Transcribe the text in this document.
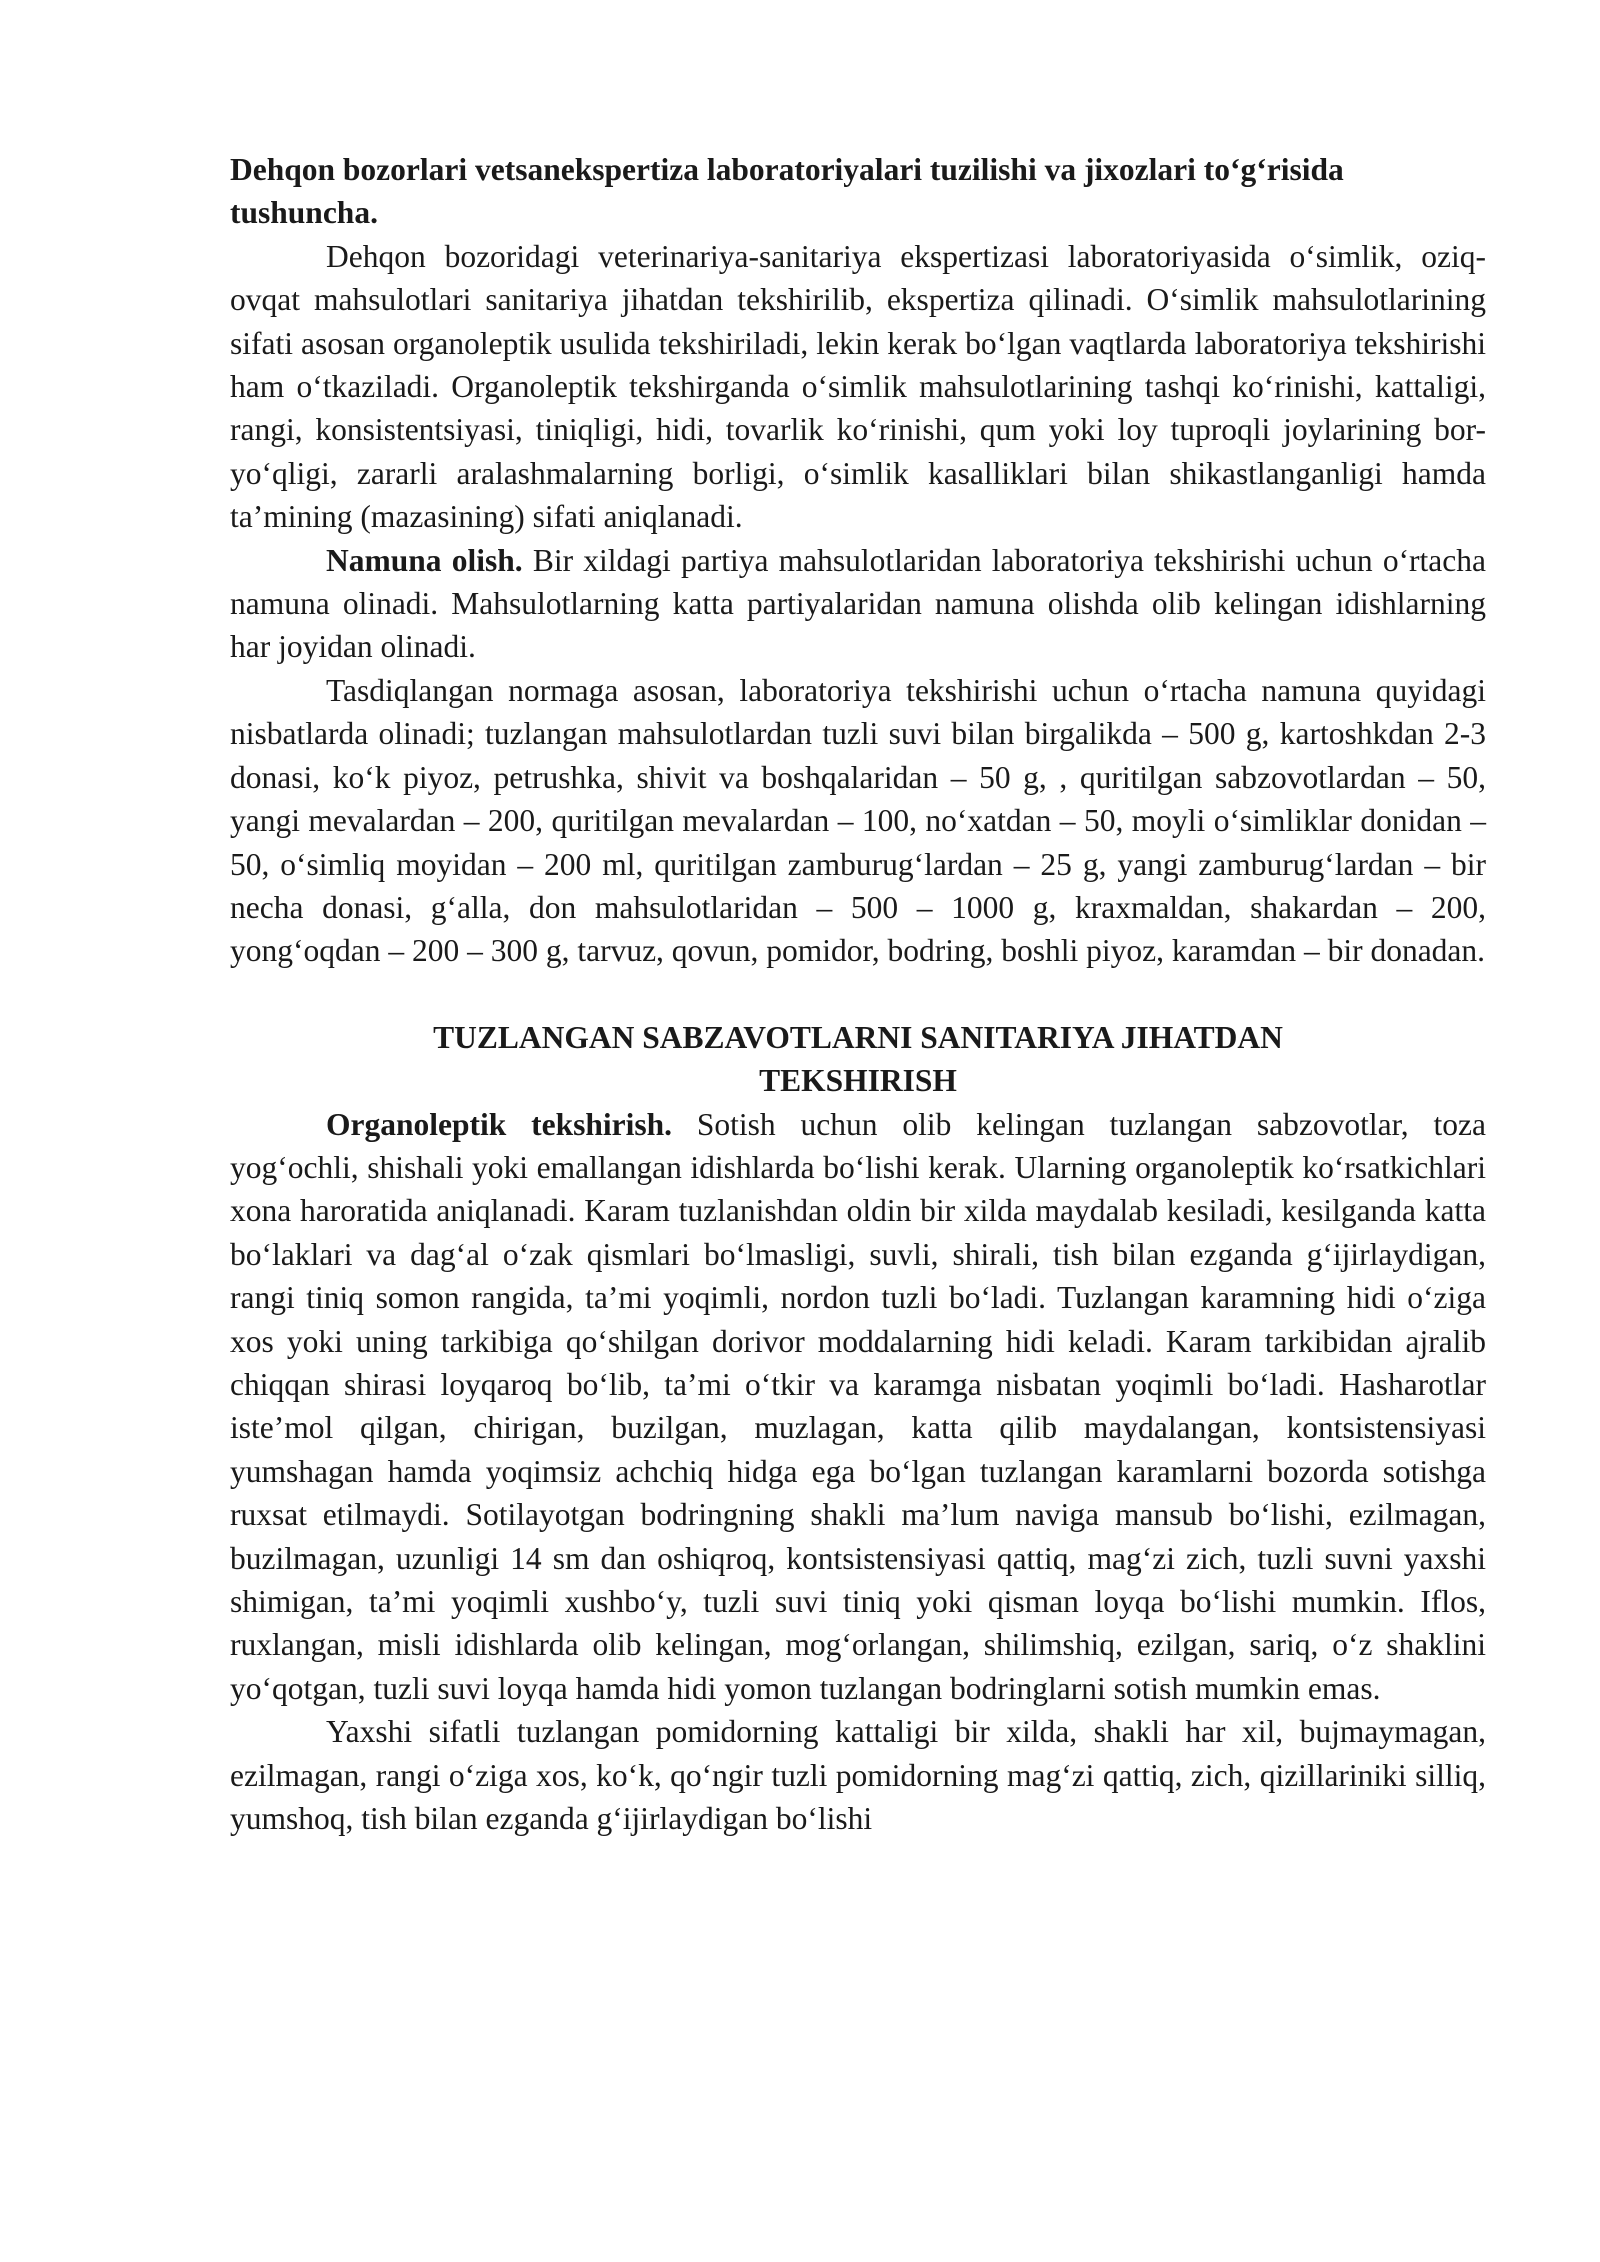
Dehqon bozorlari vetsanekspertiza laboratoriyalari tuzilishi va jixozlari to‘g‘risida tushuncha.

Dehqon bozoridagi veterinariya-sanitariya ekspertizasi laboratoriyasida o‘simlik, oziq-ovqat mahsulotlari sanitariya jihatdan tekshirilib, ekspertiza qilinadi. O‘simlik mahsulotlarining sifati asosan organoleptik usulida tekshiriladi, lekin kerak bo‘lgan vaqtlarda laboratoriya tekshirishi ham o‘tkaziladi. Organoleptik tekshirganda o‘simlik mahsulotlarining tashqi ko‘rinishi, kattaligi, rangi, konsistentsiyasi, tiniqligi, hidi, tovarlik ko‘rinishi, qum yoki loy tuproqli joylarining bor-yo‘qligi, zararli aralashmalarning borligi, o‘simlik kasalliklari bilan shikastlanganligi hamda ta’mining (mazasining) sifati aniqlanadi.

Namuna olish. Bir xildagi partiya mahsulotlaridan laboratoriya tekshirishi uchun o‘rtacha namuna olinadi. Mahsulotlarning katta partiyalaridan namuna olishda olib kelingan idishlarning har joyidan olinadi.

Tasdiqlangan normaga asosan, laboratoriya tekshirishi uchun o‘rtacha namuna quyidagi nisbatlarda olinadi; tuzlangan mahsulotlardan tuzli suvi bilan birgalikda – 500 g, kartoshkdan 2-3 donasi, ko‘k piyoz, petrushka, shivit va boshqalaridan – 50 g, , quritilgan sabzovotlardan – 50, yangi mevalardan – 200, quritilgan mevalardan – 100, no‘xatdan – 50, moyli o‘simliklar donidan – 50, o‘simliq moyidan – 200 ml, quritilgan zamburug‘lardan – 25 g, yangi zamburug‘lardan – bir necha donasi, g‘alla, don mahsulotlaridan – 500 – 1000 g, kraxmaldan, shakardan – 200, yong‘oqdan – 200 – 300 g, tarvuz, qovun, pomidor, bodring, boshli piyoz, karamdan – bir donadan.

TUZLANGAN SABZAVOTLARNI SANITARIYA JIHATDAN
TEKSHIRISH

Organoleptik tekshirish. Sotish uchun olib kelingan tuzlangan sabzovotlar, toza yog‘ochli, shishali yoki emallangan idishlarda bo‘lishi kerak. Ularning organoleptik ko‘rsatkichlari xona haroratida aniqlanadi. Karam tuzlanishdan oldin bir xilda maydalab kesiladi, kesilganda katta bo‘laklari va dag‘al o‘zak qismlari bo‘lmasligi, suvli, shirali, tish bilan ezganda g‘ijirlaydigan, rangi tiniq somon rangida, ta’mi yoqimli, nordon tuzli bo‘ladi. Tuzlangan karamning hidi o‘ziga xos yoki uning tarkibiga qo‘shilgan dorivor moddalarning hidi keladi. Karam tarkibidan ajralib chiqqan shirasi loyqaroq bo‘lib, ta’mi o‘tkir va karamga nisbatan yoqimli bo‘ladi. Hasharotlar iste’mol qilgan, chirigan, buzilgan, muzlagan, katta qilib maydalangan, kontsistensiyasi yumshagan hamda yoqimsiz achchiq hidga ega bo‘lgan tuzlangan karamlarni bozorda sotishga ruxsat etilmaydi. Sotilayotgan bodringning shakli ma’lum naviga mansub bo‘lishi, ezilmagan, buzilmagan, uzunligi 14 sm dan oshiqroq, kontsistensiyasi qattiq, mag‘zi zich, tuzli suvni yaxshi shimigan, ta’mi yoqimli xushbo‘y, tuzli suvi tiniq yoki qisman loyqa bo‘lishi mumkin. Iflos, ruxlangan, misli idishlarda olib kelingan, mog‘orlangan, shilimshiq, ezilgan, sariq, o‘z shaklini yo‘qotgan, tuzli suvi loyqa hamda hidi yomon tuzlangan bodringlarni sotish mumkin emas.

Yaxshi sifatli tuzlangan pomidorning kattaligi bir xilda, shakli har xil, bujmaymagan, ezilmagan, rangi o‘ziga xos, ko‘k, qo‘ngir tuzli pomidorning mag‘zi qattiq, zich, qizillariniki silliq, yumshoq, tish bilan ezganda g‘ijirlaydigan bo‘lishi
